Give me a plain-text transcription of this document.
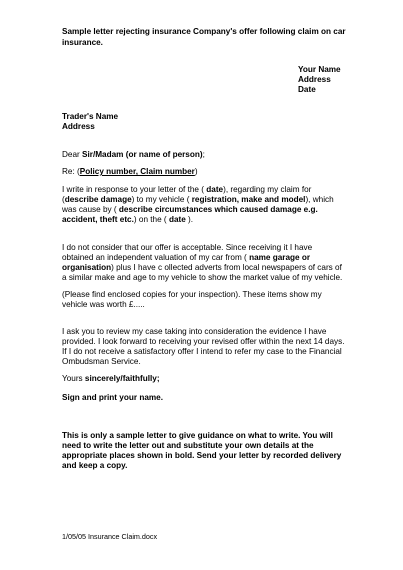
Sample letter rejecting insurance Company's offer following claim on car
insurance.
Your Name
Address
Date
Trader's Name
Address
Dear Sir/Madam (or name of person);
Re: (Policy number, Claim number)
I write in response to your letter of the ( date), regarding my claim for
(describe damage) to my vehicle ( registration, make and model), which
was cause by ( describe circumstances which caused damage e.g.
accident, theft etc.) on the ( date ).
I do not consider that our offer is acceptable. Since receiving it I have
obtained an independent valuation of my car from ( name garage or
organisation) plus I have c ollected adverts from local newspapers of cars of
a similar make and age to my vehicle to show the market value of my vehicle.
(Please find enclosed copies for your inspection). These items show my
vehicle was worth £.....
I ask you to review my case taking into consideration the evidence I have
provided. I look forward to receiving your revised offer within the next 14 days.
If I do not receive a satisfactory offer I intend to refer my case to the Financial
Ombudsman Service.
Yours sincerely/faithfully;
Sign and print your name.
This is only a sample letter to give guidance on what to write. You will
need to write the letter out and substitute your own details at the
appropriate places shown in bold. Send your letter by recorded delivery
and keep a copy.
1/05/05 Insurance Claim.docx
